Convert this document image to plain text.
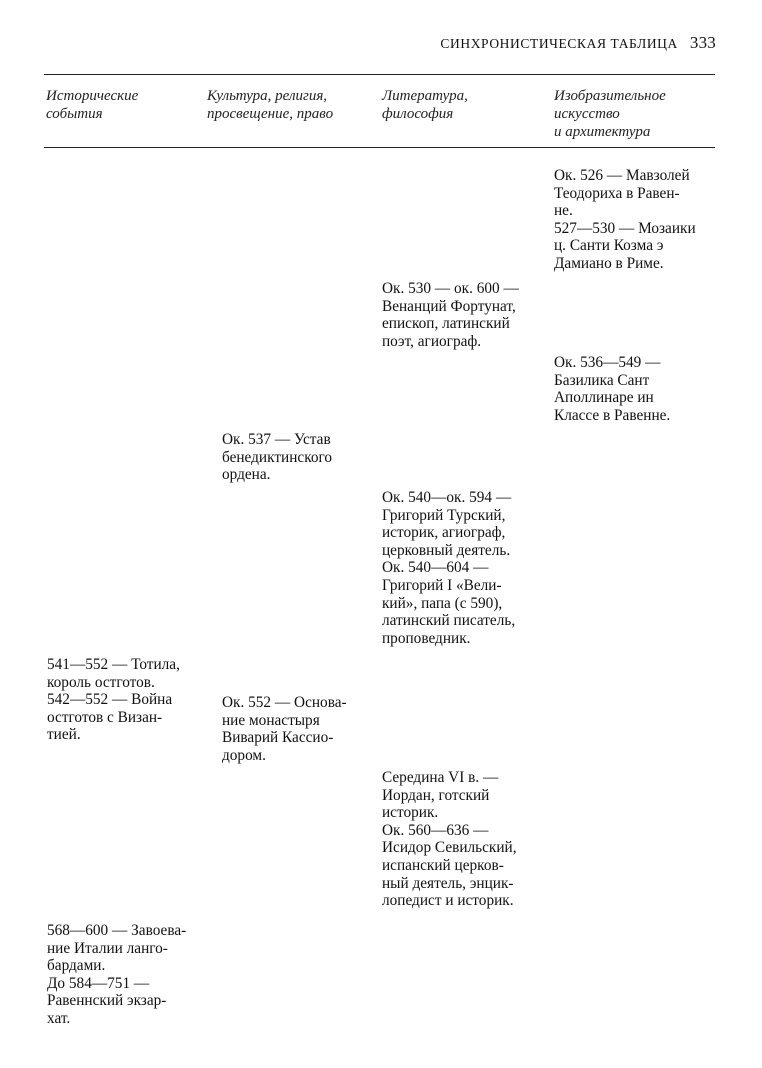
СИНХРОНИСТИЧЕСКАЯ ТАБЛИЦА 333
Исторические
события
Культура, религия,
просвещение, право
Литература,
философия
Изобразительное
искусство
и архитектура
Ок. 526 — Мавзолей
Теодориха в Равен-
не.
527—530 — Мозаики
ц. Санти Козма э
Дамиано в Риме.
Ок. 530 — ок. 600 —
Венанций Фортунат,
епископ, латинский
поэт, агиограф.
Ок. 536—549 —
Базилика Сант
Аполлинаре ин
Классе в Равенне.
Ок. 537 — Устав
бенедиктинского
ордена.
Ок. 540—ок. 594 —
Григорий Турский,
историк, агиограф,
церковный деятель.
Ок. 540—604 —
Григорий I «Вели-
кий», папа (с 590),
латинский писатель,
проповедник.
541—552 — Тотила,
король остготов.
542—552 — Война
остготов с Визан-
тией.
Ок. 552 — Основа-
ние монастыря
Виварий Кассио-
дором.
Середина VI в. —
Иордан, готский
историк.
Ок. 560—636 —
Исидор Севильский,
испанский церков-
ный деятель, энцик-
лопедист и историк.
568—600 — Завоева-
ние Италии ланго-
бардами.
До 584—751 —
Равеннский экзар-
хат.
